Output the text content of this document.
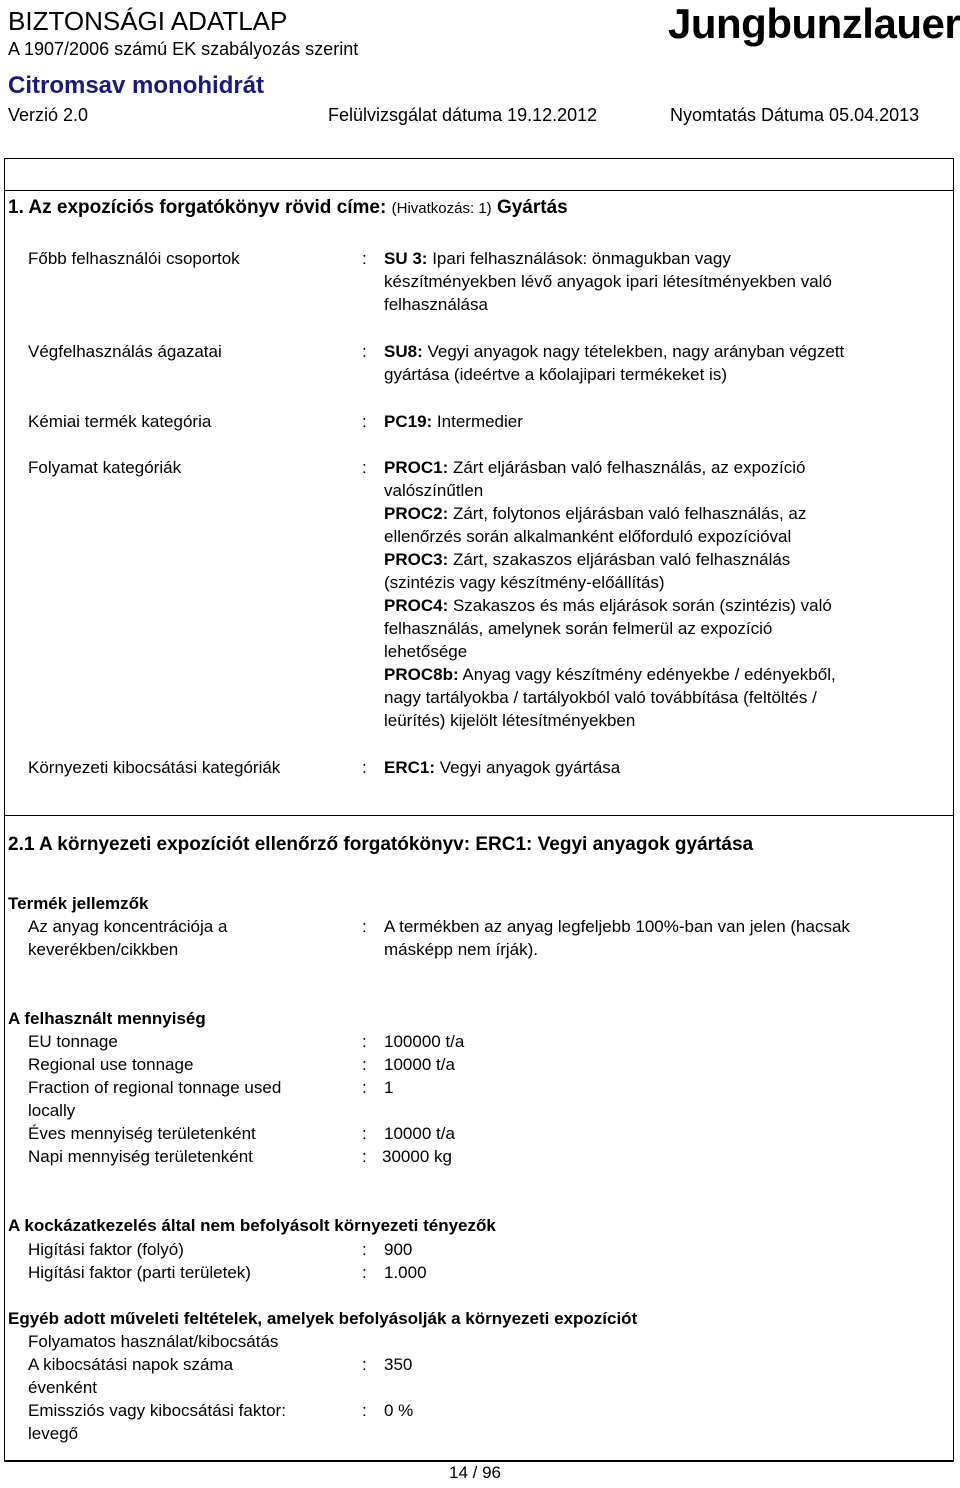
BIZTONSÁGI ADATLAP
A 1907/2006 számú EK szabályozás szerint
Citromsav monohidrát
Verzió 2.0	Felülvizsgálat dátuma 19.12.2012	Nyomtatás Dátuma 05.04.2013
Jungbunzlauer
1. Az expozíciós forgatókönyv rövid címe: (Hivatkozás: 1) Gyártás
Főbb felhasználói csoportok	: SU 3: Ipari felhasználások: önmagukban vagy
készítményekben lévő anyagok ipari létesítményekben való
felhasználása
Végfelhasználás ágazatai	: SU8: Vegyi anyagok nagy tételekben, nagy arányban végzett
gyártása (ideértve a kőolajipari termékeket is)
Kémiai termék kategória	: PC19: Intermedier
Folyamat kategóriák	: PROC1: Zárt eljárásban való felhasználás, az expozíció
valószínűtlen
PROC2: Zárt, folytonos eljárásban való felhasználás, az
ellenőrzés során alkalmanként előforduló expozícióval
PROC3: Zárt, szakaszos eljárásban való felhasználás
(szintézis vagy készítmény-előállítás)
PROC4: Szakaszos és más eljárások során (szintézis) való
felhasználás, amelynek során felmerül az expozíció
lehetősége
PROC8b: Anyag vagy készítmény edényekbe / edényekből,
nagy tartályokba / tartályokból való továbbítása (feltöltés /
leürítés) kijelölt létesítményekben
Környezeti kibocsátási kategóriák	: ERC1: Vegyi anyagok gyártása
2.1 A környezeti expozíciót ellenőrző forgatókönyv: ERC1: Vegyi anyagok gyártása
Termék jellemzők
Az anyag koncentrációja a
keverékben/cikkben
: A termékben az anyag legfeljebb 100%-ban van jelen (hacsak
másképp nem írják).
A felhasznált mennyiség
EU tonnage	: 100000 t/a
Regional use tonnage	: 10000 t/a
Fraction of regional tonnage used
locally
: 1
Éves mennyiség területenként	: 10000 t/a
Napi mennyiség területenként	: 30000 kg
A kockázatkezelés által nem befolyásolt környezeti tényezők
Higítási faktor (folyó)	: 900
Higítási faktor (parti területek)	: 1.000
Egyéb adott műveleti feltételek, amelyek befolyásolják a környezeti expozíciót
Folyamatos használat/kibocsátás
A kibocsátási napok száma
évenként
: 350
Emissziós vagy kibocsátási faktor:
levegő
: 0 %
14 / 96
